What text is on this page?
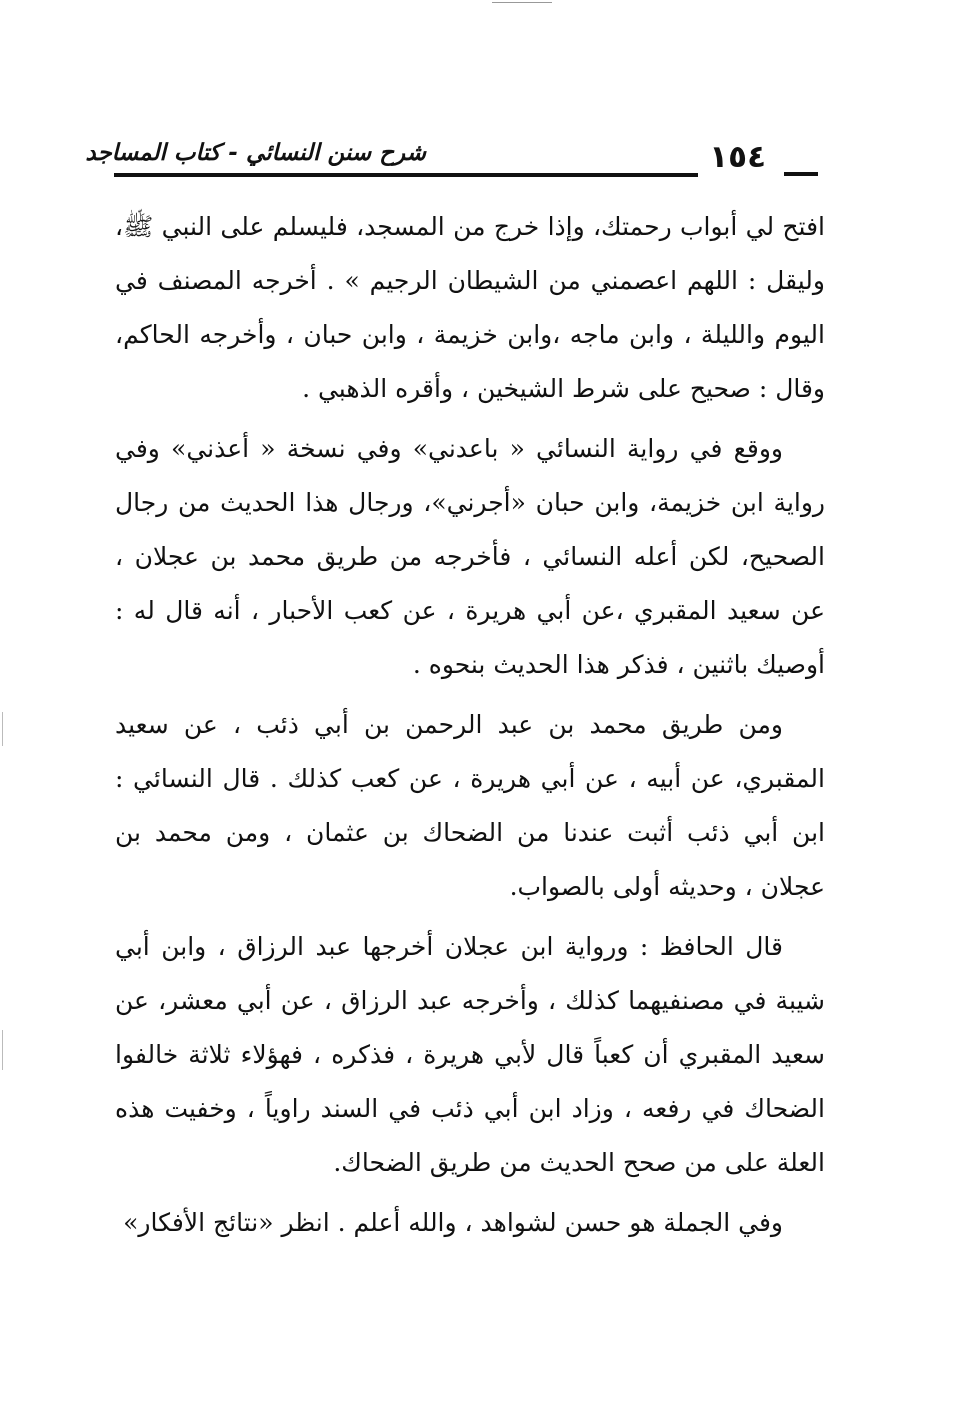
شرح سنن النسائي - كتاب المساجد	١٥٤

افتح لي أبواب رحمتك، وإذا خرج من المسجد، فليسلم على النبي ﷺ، وليقل : اللهم اعصمني من الشيطان الرجيم » . أخرجه المصنف في اليوم والليلة ، وابن ماجه ،وابن خزيمة ، وابن حبان ، وأخرجه الحاكم، وقال : صحيح على شرط الشيخين ، وأقره الذهبي .

ووقع في رواية النسائي « باعدني» وفي نسخة « أعذني» وفي رواية ابن خزيمة، وابن حبان «أجرني»، ورجال هذا الحديث من رجال الصحيح، لكن أعله النسائي ، فأخرجه من طريق محمد بن عجلان ، عن سعيد المقبري ،عن أبي هريرة ، عن كعب الأحبار ، أنه قال له : أوصيك باثنين ، فذكر هذا الحديث بنحوه .

ومن طريق محمد بن عبد الرحمن بن أبي ذئب ، عن سعيد المقبري، عن أبيه ، عن أبي هريرة ، عن كعب كذلك . قال النسائي : ابن أبي ذئب أثبت عندنا من الضحاك بن عثمان ، ومن محمد بن عجلان ، وحديثه أولى بالصواب.

قال الحافظ : ورواية ابن عجلان أخرجها عبد الرزاق ، وابن أبي شيبة في مصنفيهما كذلك ، وأخرجه عبد الرزاق ، عن أبي معشر، عن سعيد المقبري أن كعباً قال لأبي هريرة ، فذكره ، فهؤلاء ثلاثة خالفوا الضحاك في رفعه ، وزاد ابن أبي ذئب في السند راوياً ، وخفيت هذه العلة على من صحح الحديث من طريق الضحاك.

وفي الجملة هو حسن لشواهد ، والله أعلم . انظر «نتائج الأفكار»
